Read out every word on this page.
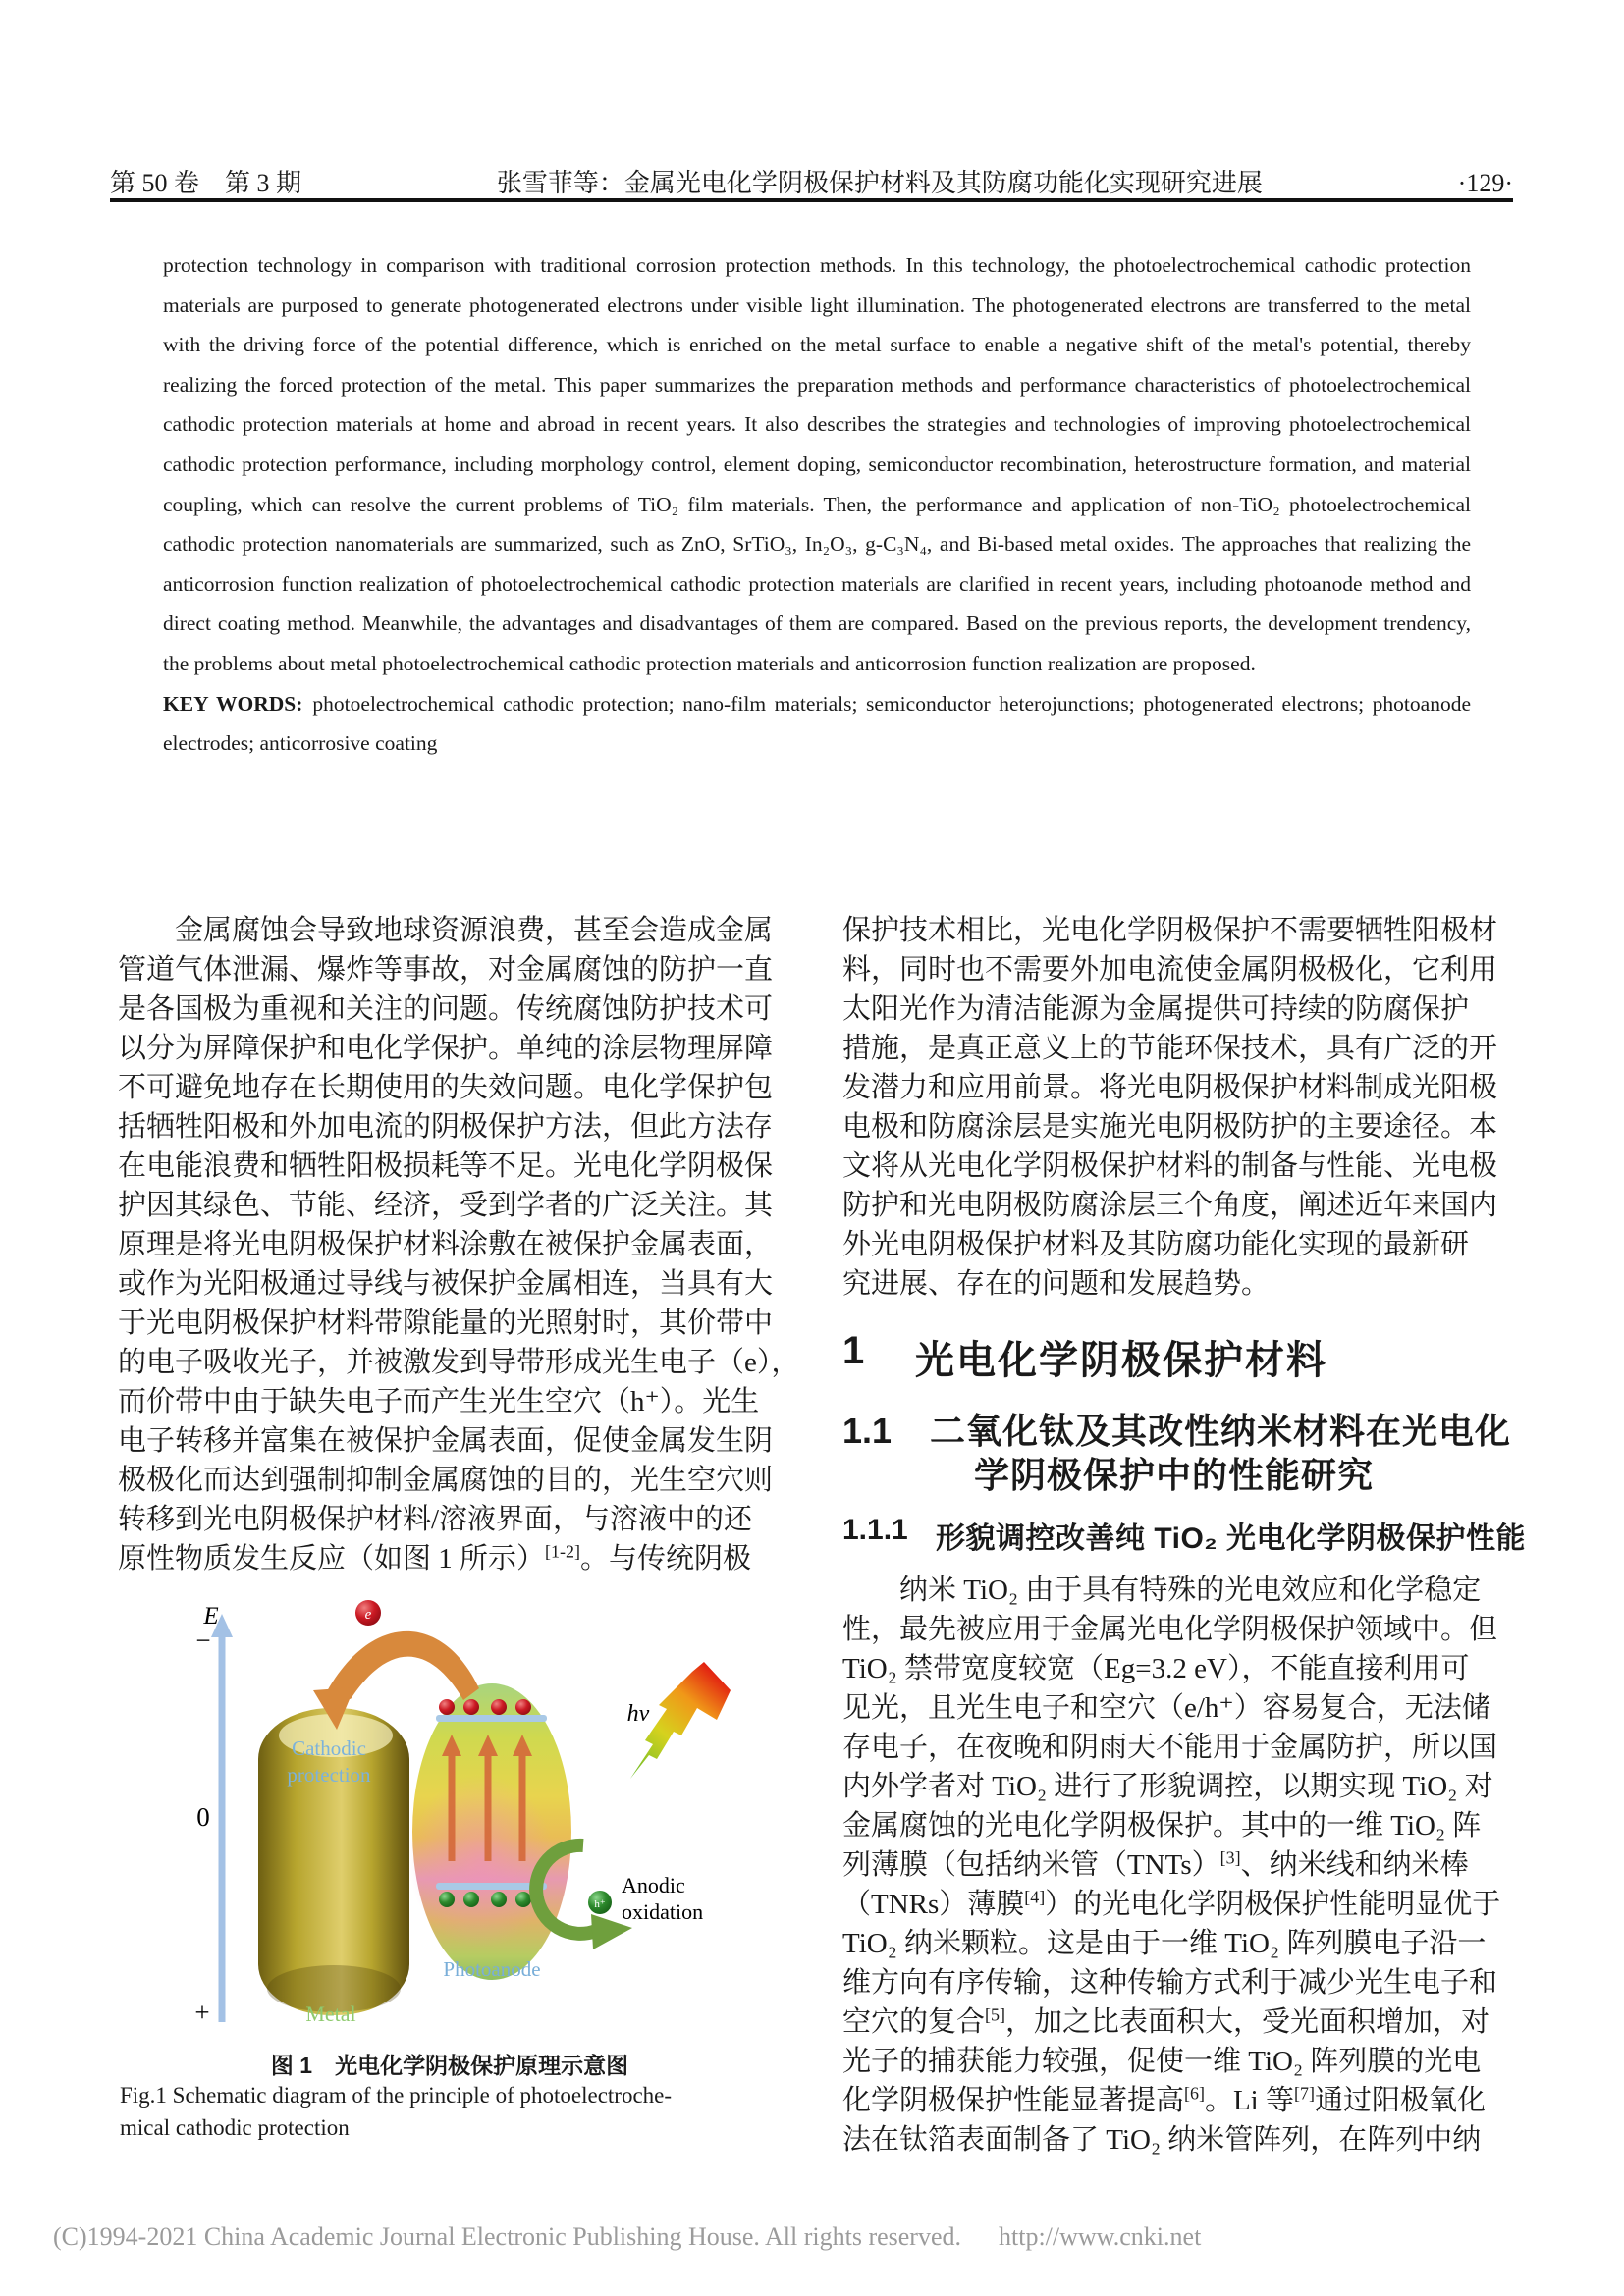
第 50 卷　第 3 期	张雪菲等：金属光电化学阴极保护材料及其防腐功能化实现研究进展	·129·

protection technology in comparison with traditional corrosion protection methods. In this technology, the photoelectrochemical cathodic protection materials are purposed to generate photogenerated electrons under visible light illumination. The photogenerated electrons are transferred to the metal with the driving force of the potential difference, which is enriched on the metal surface to enable a negative shift of the metal's potential, thereby realizing the forced protection of the metal. This paper summarizes the preparation methods and performance characteristics of photoelectrochemical cathodic protection materials at home and abroad in recent years. It also describes the strategies and technologies of improving photoelectrochemical cathodic protection performance, including morphology control, element doping, semiconductor recombination, heterostructure formation, and material coupling, which can resolve the current problems of TiO₂ film materials. Then, the performance and application of non-TiO₂ photoelectrochemical cathodic protection nanomaterials are summarized, such as ZnO, SrTiO₃, In₂O₃, g-C₃N₄, and Bi-based metal oxides. The approaches that realizing the anticorrosion function realization of photoelectrochemical cathodic protection materials are clarified in recent years, including photoanode method and direct coating method. Meanwhile, the advantages and disadvantages of them are compared. Based on the previous reports, the development trendency, the problems about metal photoelectrochemical cathodic protection materials and anticorrosion function realization are proposed.

KEY WORDS: photoelectrochemical cathodic protection; nano-film materials; semiconductor heterojunctions; photogenerated electrons; photoanode electrodes; anticorrosive coating

金属腐蚀会导致地球资源浪费，甚至会造成金属
管道气体泄漏、爆炸等事故，对金属腐蚀的防护一直
是各国极为重视和关注的问题。传统腐蚀防护技术可
以分为屏障保护和电化学保护。单纯的涂层物理屏障
不可避免地存在长期使用的失效问题。电化学保护包
括牺牲阳极和外加电流的阴极保护方法，但此方法存
在电能浪费和牺牲阳极损耗等不足。光电化学阴极保
护因其绿色、节能、经济，受到学者的广泛关注。其
原理是将光电阴极保护材料涂敷在被保护金属表面，
或作为光阳极通过导线与被保护金属相连，当具有大
于光电阴极保护材料带隙能量的光照射时，其价带中
的电子吸收光子，并被激发到导带形成光生电子（e），
而价带中由于缺失电子而产生光生空穴（h⁺）。光生
电子转移并富集在被保护金属表面，促使金属发生阴
极极化而达到强制抑制金属腐蚀的目的，光生空穴则
转移到光电阴极保护材料/溶液界面，与溶液中的还
原性物质发生反应（如图 1 所示）[1-2]。与传统阴极
E
−
0
+
Cathodic
protection
Metal
Photoanode
e
hv
h⁺
Anodic
oxidation
图 1　光电化学阴极保护原理示意图
Fig.1 Schematic diagram of the principle of photoelectroche-
mical cathodic protection
保护技术相比，光电化学阴极保护不需要牺牲阳极材
料，同时也不需要外加电流使金属阴极极化，它利用
太阳光作为清洁能源为金属提供可持续的防腐保护
措施，是真正意义上的节能环保技术，具有广泛的开
发潜力和应用前景。将光电阴极保护材料制成光阳极
电极和防腐涂层是实施光电阴极防护的主要途径。本
文将从光电化学阴极保护材料的制备与性能、光电极
防护和光电阴极防腐涂层三个角度，阐述近年来国内
外光电阴极保护材料及其防腐功能化实现的最新研
究进展、存在的问题和发展趋势。
1	光电化学阴极保护材料
1.1	二氧化钛及其改性纳米材料在光电化
学阴极保护中的性能研究
1.1.1 形貌调控改善纯 TiO₂ 光电化学阴极保护性能
纳米 TiO₂ 由于具有特殊的光电效应和化学稳定
性，最先被应用于金属光电化学阴极保护领域中。但
TiO₂ 禁带宽度较宽（Eg=3.2 eV），不能直接利用可
见光，且光生电子和空穴（e/h⁺）容易复合，无法储
存电子，在夜晚和阴雨天不能用于金属防护，所以国
内外学者对 TiO₂ 进行了形貌调控，以期实现 TiO₂ 对
金属腐蚀的光电化学阴极保护。其中的一维 TiO₂ 阵
列薄膜（包括纳米管（TNTs）[3]、纳米线和纳米棒
（TNRs）薄膜[4]）的光电化学阴极保护性能明显优于
TiO₂ 纳米颗粒。这是由于一维 TiO₂ 阵列膜电子沿一
维方向有序传输，这种传输方式利于减少光生电子和
空穴的复合[5]，加之比表面积大，受光面积增加，对
光子的捕获能力较强，促使一维 TiO₂ 阵列膜的光电
化学阴极保护性能显著提高[6]。Li 等[7]通过阳极氧化
法在钛箔表面制备了 TiO₂ 纳米管阵列，在阵列中纳
(C)1994-2021 China Academic Journal Electronic Publishing House. All rights reserved. http://www.cnki.net
